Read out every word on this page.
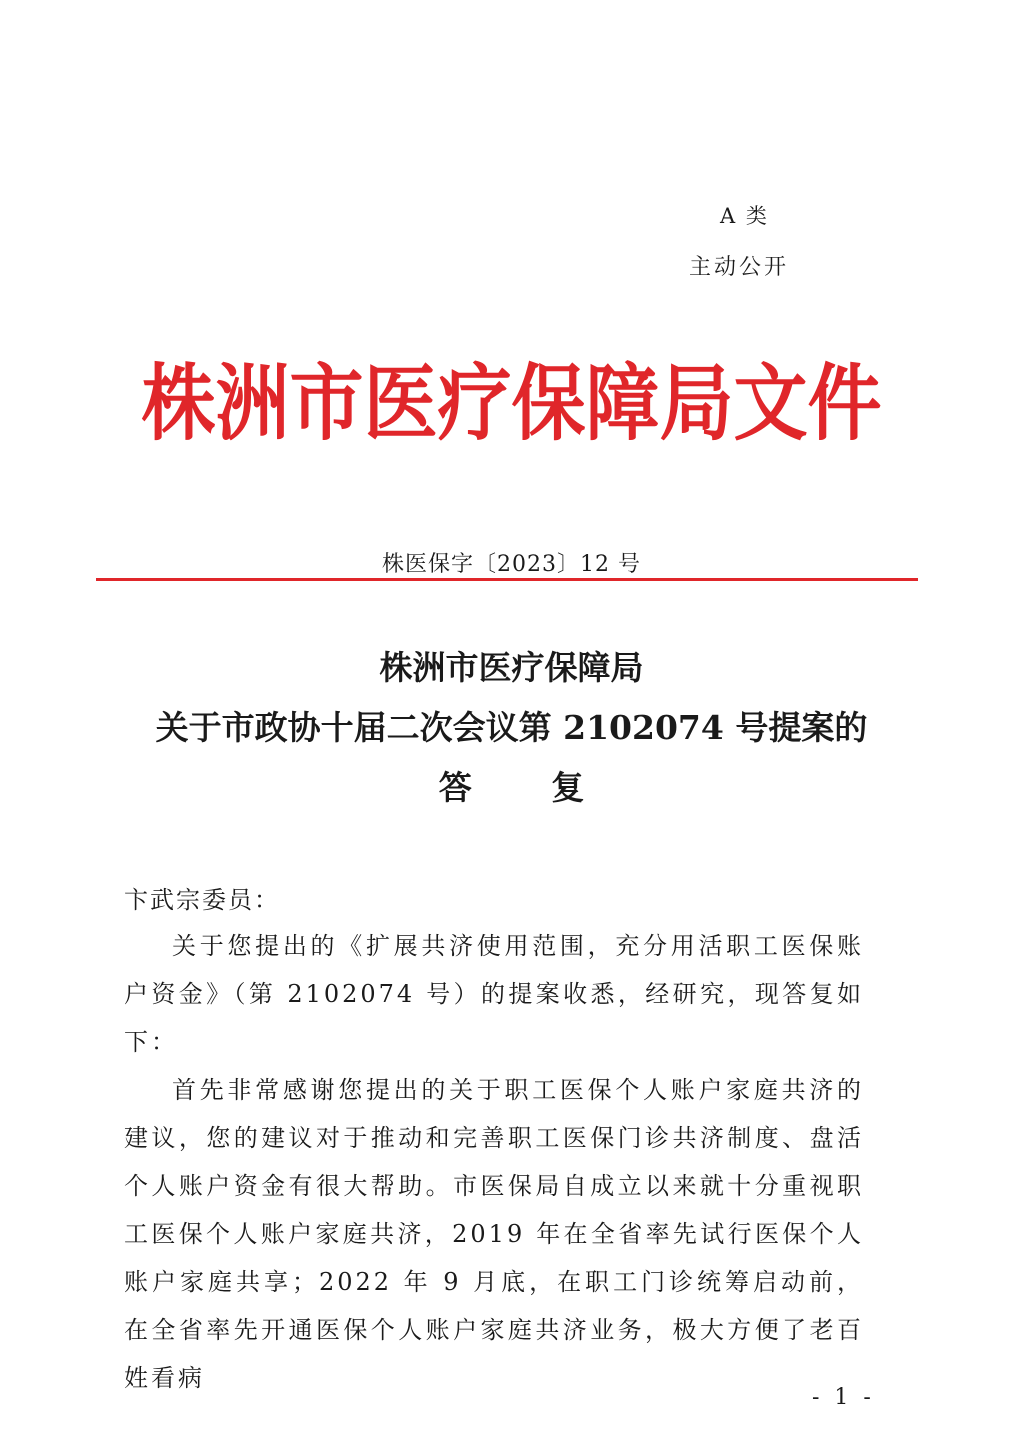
A 类
主动公开
株洲市医疗保障局文件
株医保字〔2023〕12 号
株洲市医疗保障局
关于市政协十届二次会议第 2102074 号提案的
答 复
卞武宗委员：

关于您提出的《扩展共济使用范围，充分用活职工医保账户资金》（第 2102074 号）的提案收悉，经研究，现答复如下：

首先非常感谢您提出的关于职工医保个人账户家庭共济的建议，您的建议对于推动和完善职工医保门诊共济制度、盘活个人账户资金有很大帮助。市医保局自成立以来就十分重视职工医保个人账户家庭共济，2019 年在全省率先试行医保个人账户家庭共享；2022 年 9 月底，在职工门诊统筹启动前，在全省率先开通医保个人账户家庭共济业务，极大方便了老百姓看病

- 1 -
